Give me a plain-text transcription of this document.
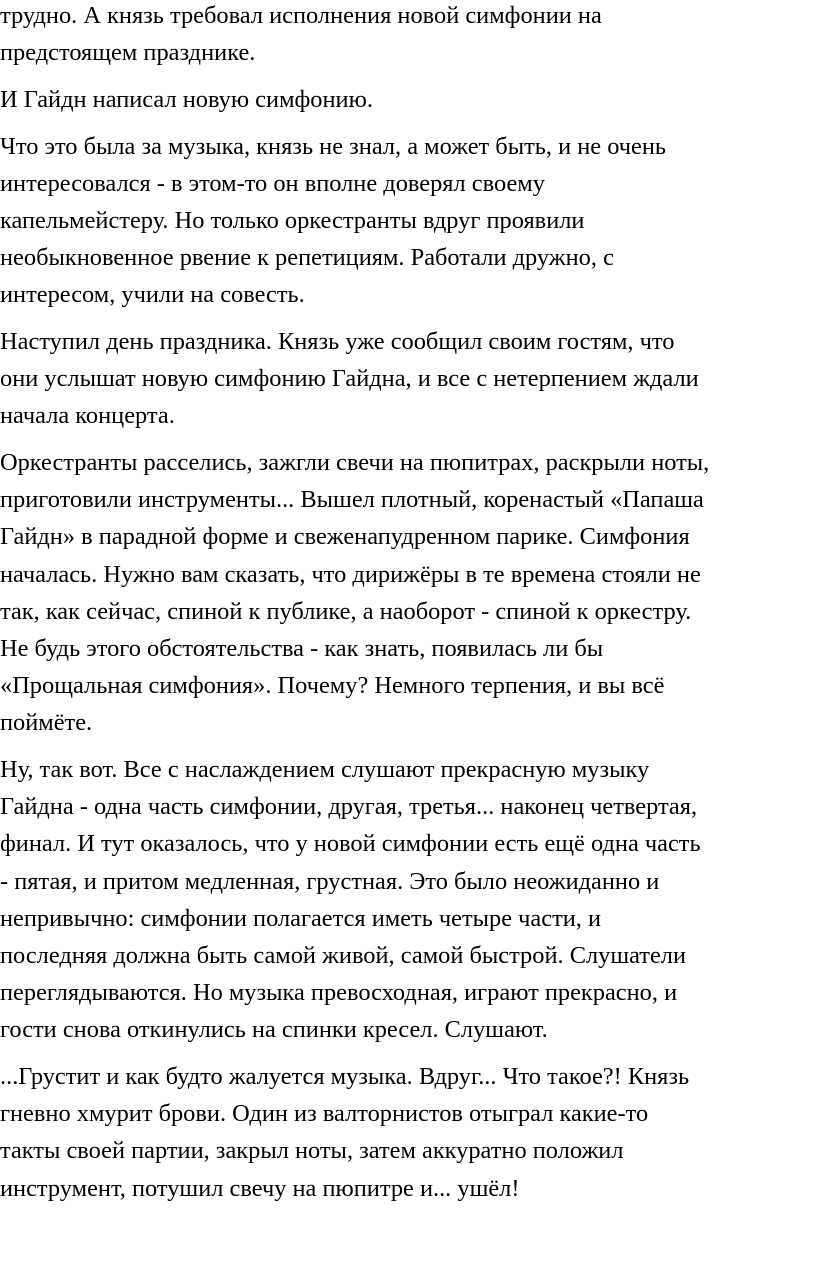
трудно. А князь требовал исполнения новой симфонии на
предстоящем празднике.
И Гайдн написал новую симфонию.
Что это была за музыка, князь не знал, а может быть, и не очень
интересовался - в этом-то он вполне доверял своему
капельмейстеру. Но только оркестранты вдруг проявили
необыкновенное рвение к репетициям. Работали дружно, с
интересом, учили на совесть.
Наступил день праздника. Князь уже сообщил своим гостям, что
они услышат новую симфонию Гайдна, и все с нетерпением ждали
начала концерта.
Оркестранты расселись, зажгли свечи на пюпитрах, раскрыли ноты,
приготовили инструменты... Вышел плотный, коренастый «Папаша
Гайдн» в парадной форме и свеженапудренном парике. Симфония
началась. Нужно вам сказать, что дирижёры в те времена стояли не
так, как сейчас, спиной к публике, а наоборот - спиной к оркестру.
Не будь этого обстоятельства - как знать, появилась ли бы
«Прощальная симфония». Почему? Немного терпения, и вы всё
поймёте.
Ну, так вот. Все с наслаждением слушают прекрасную музыку
Гайдна - одна часть симфонии, другая, третья... наконец четвертая,
финал. И тут оказалось, что у новой симфонии есть ещё одна часть
- пятая, и притом медленная, грустная. Это было неожиданно и
непривычно: симфонии полагается иметь четыре части, и
последняя должна быть самой живой, самой быстрой. Слушатели
переглядываются. Но музыка превосходная, играют прекрасно, и
гости снова откинулись на спинки кресел. Слушают.
...Грустит и как будто жалуется музыка. Вдруг... Что такое?! Князь
гневно хмурит брови. Один из валторнистов отыграл какие-то
такты своей партии, закрыл ноты, затем аккуратно положил
инструмент, потушил свечу на пюпитре и... ушёл!
